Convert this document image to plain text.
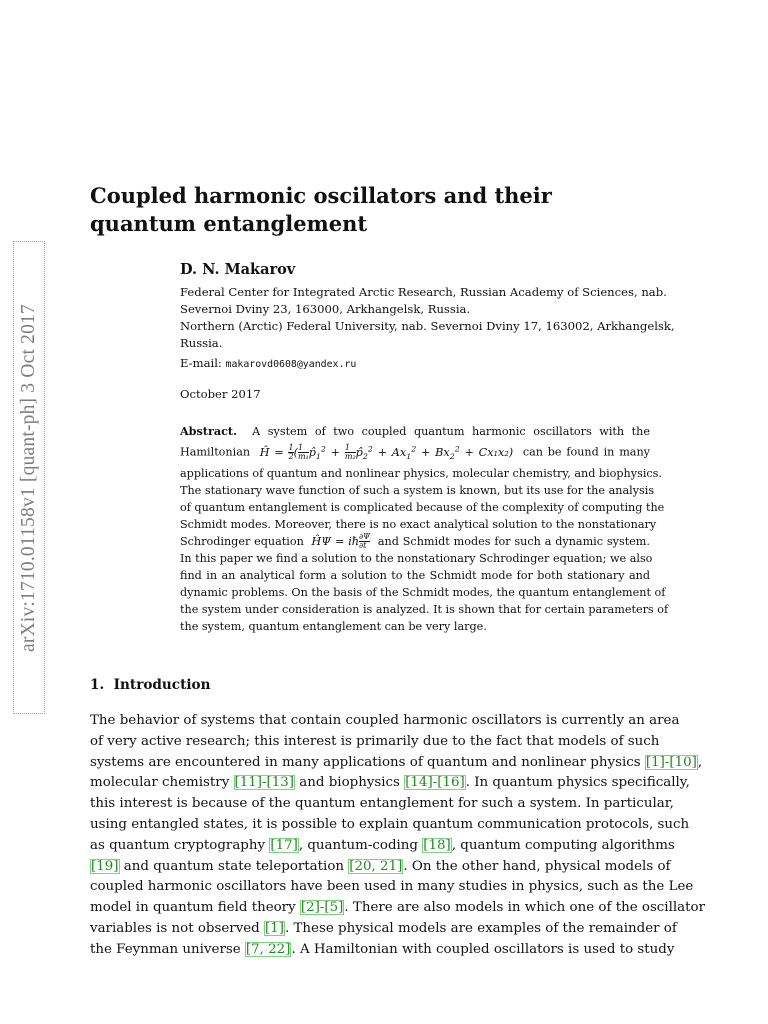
arXiv:1710.01158v1 [quant-ph] 3 Oct 2017
Coupled harmonic oscillators and their quantum entanglement
D. N. Makarov
Federal Center for Integrated Arctic Research, Russian Academy of Sciences, nab.
Severnoi Dviny 23, 163000, Arkhangelsk, Russia.
Northern (Arctic) Federal University, nab. Severnoi Dviny 17, 163002, Arkhangelsk,
Russia.
E-mail: makarovd0608@yandex.ru
October 2017
Abstract. A system of two coupled quantum harmonic oscillators with the
Hamiltonian Ĥ = $\frac{1}{2}$ ( $\frac{1}{\text{m₁}}$ $p̂_1^2 + \frac{1}{\text{m₂}}$ $p̂_2^2 + Ax_1^2 + Bx_2^2 + Cx_1x_2$) can be found in many
applications of quantum and nonlinear physics, molecular chemistry, and biophysics.
The stationary wave function of such a system is known, but its use for the analysis
of quantum entanglement is complicated because of the complexity of computing the
Schmidt modes. Moreover, there is no exact analytical solution to the nonstationary
Schrodinger equation ĤΨ = iħ $\frac{\partial\Psi}{\partial t}$ and Schmidt modes for such a dynamic system.
In this paper we find a solution to the nonstationary Schrodinger equation; we also
find in an analytical form a solution to the Schmidt mode for both stationary and
dynamic problems. On the basis of the Schmidt modes, the quantum entanglement of
the system under consideration is analyzed. It is shown that for certain parameters of
the system, quantum entanglement can be very large.
1. Introduction
The behavior of systems that contain coupled harmonic oscillators is currently an area
of very active research; this interest is primarily due to the fact that models of such
systems are encountered in many applications of quantum and nonlinear physics [1]-[10],
molecular chemistry [11]-[13] and biophysics [14]-[16]. In quantum physics specifically,
this interest is because of the quantum entanglement for such a system. In particular,
using entangled states, it is possible to explain quantum communication protocols, such
as quantum cryptography [17], quantum-coding [18], quantum computing algorithms
[19] and quantum state teleportation [20, 21]. On the other hand, physical models of
coupled harmonic oscillators have been used in many studies in physics, such as the Lee
model in quantum field theory [2]-[5]. There are also models in which one of the oscillator
variables is not observed [1]. These physical models are examples of the remainder of
the Feynman universe [7, 22]. A Hamiltonian with coupled oscillators is used to study
